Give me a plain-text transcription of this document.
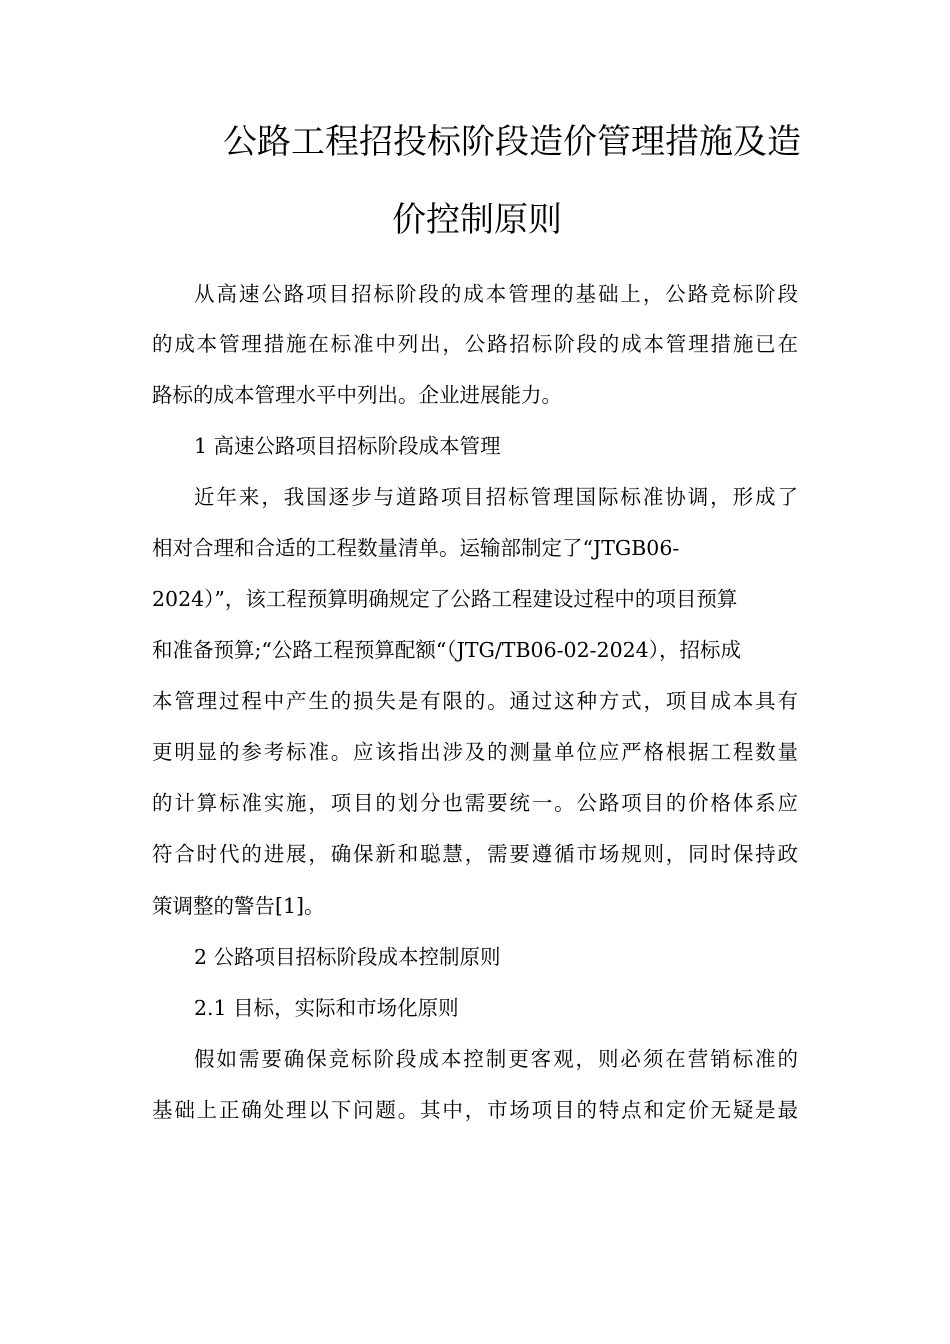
公路工程招投标阶段造价管理措施及造
价控制原则
从高速公路项目招标阶段的成本管理的基础上，公路竞标阶段
的成本管理措施在标准中列出，公路招标阶段的成本管理措施已在
路标的成本管理水平中列出。企业进展能力。
1 高速公路项目招标阶段成本管理
近年来，我国逐步与道路项目招标管理国际标准协调，形成了
相对合理和合适的工程数量清单。运输部制定了“JTGB06-
2024）”，该工程预算明确规定了公路工程建设过程中的项目预算
和准备预算;“公路工程预算配额“（JTG/TB06-02-2024），招标成
本管理过程中产生的损失是有限的。通过这种方式，项目成本具有
更明显的参考标准。应该指出涉及的测量单位应严格根据工程数量
的计算标准实施，项目的划分也需要统一。公路项目的价格体系应
符合时代的进展，确保新和聪慧，需要遵循市场规则，同时保持政
策调整的警告[1]。
2 公路项目招标阶段成本控制原则
2.1 目标，实际和市场化原则
假如需要确保竞标阶段成本控制更客观，则必须在营销标准的
基础上正确处理以下问题。其中，市场项目的特点和定价无疑是最
